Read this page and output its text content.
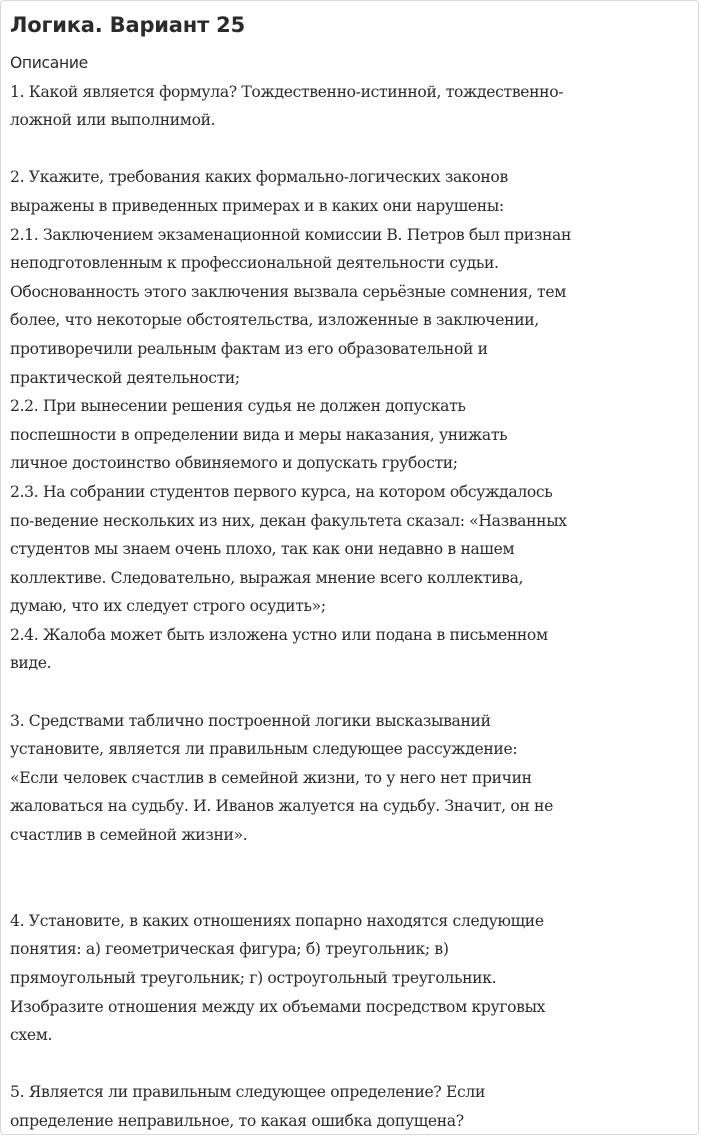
Логика. Вариант 25
Описание
1. Какой является формула? Тождественно-истинной, тождественно-
ложной или выполнимой.
2. Укажите, требования каких формально-логических законов
выражены в приведенных примерах и в каких они нарушены:
2.1. Заключением экзаменационной комиссии В. Петров был признан
неподготовленным к профессиональной деятельности судьи.
Обоснованность этого заключения вызвала серьёзные сомнения, тем
более, что некоторые обстоятельства, изложенные в заключении,
противоречили реальным фактам из его образовательной и
практической деятельности;
2.2. При вынесении решения судья не должен допускать
поспешности в определении вида и меры наказания, унижать
личное достоинство обвиняемого и допускать грубости;
2.3. На собрании студентов первого курса, на котором обсуждалось
по-ведение нескольких из них, декан факультета сказал: «Названных
студентов мы знаем очень плохо, так как они недавно в нашем
коллективе. Следовательно, выражая мнение всего коллектива,
думаю, что их следует строго осудить»;
2.4. Жалоба может быть изложена устно или подана в письменном
виде.
3. Средствами таблично построенной логики высказываний
установите, является ли правильным следующее рассуждение:
«Если человек счастлив в семейной жизни, то у него нет причин
жаловаться на судьбу. И. Иванов жалуется на судьбу. Значит, он не
счастлив в семейной жизни».
4. Установите, в каких отношениях попарно находятся следующие
понятия: а) геометрическая фигура; б) треугольник; в)
прямоугольный треугольник; г) остроугольный треугольник.
Изобразите отношения между их объемами посредством круговых
схем.
5. Является ли правильным следующее определение? Если
определение неправильное, то какая ошибка допущена?
